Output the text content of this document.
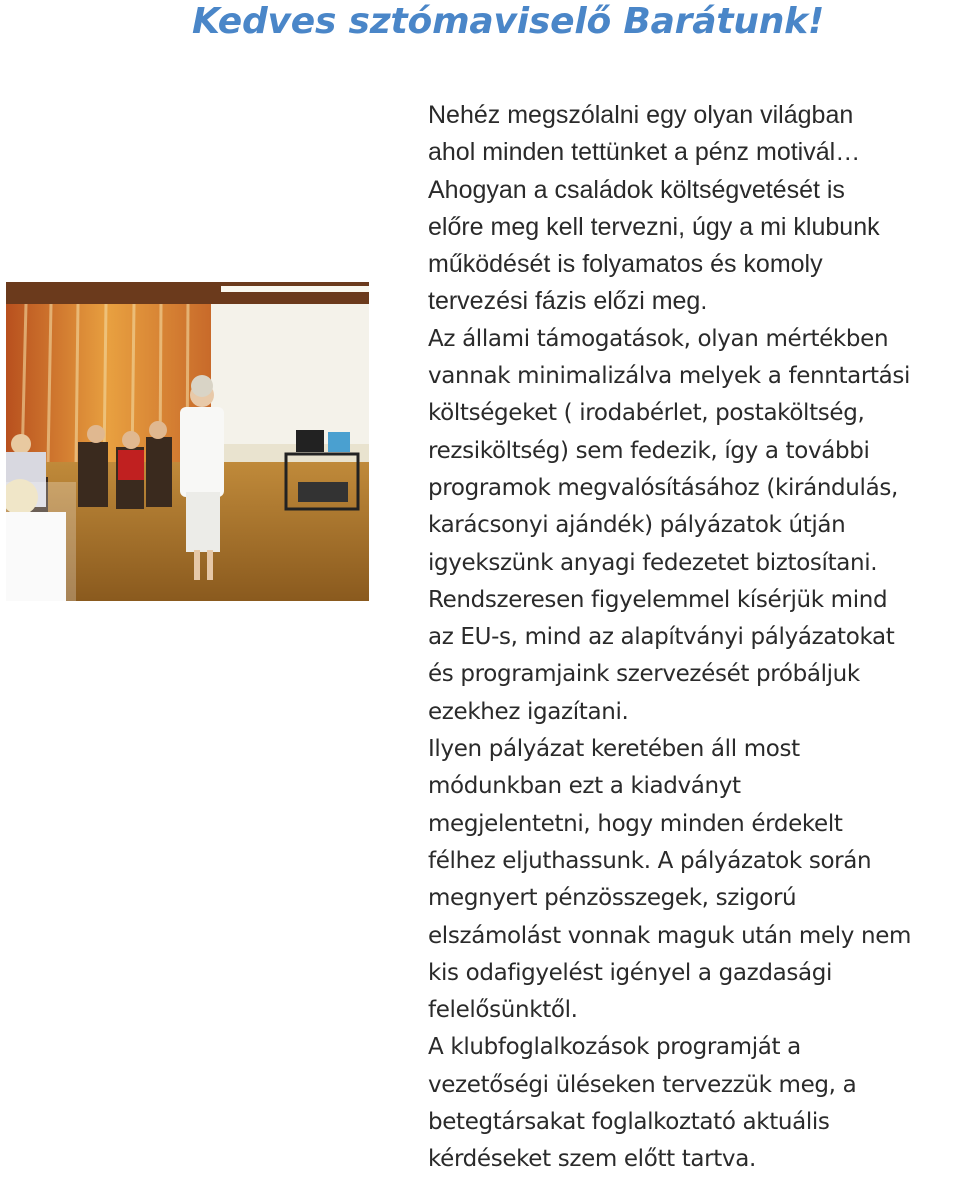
Kedves sztómaviselő Barátunk!

Nehéz megszólalni egy olyan világban
ahol minden tettünket a pénz motivál…
Ahogyan a családok költségvetését is
előre meg kell tervezni, úgy a mi klubunk
működését is folyamatos és komoly
tervezési fázis előzi meg.

Az állami támogatások, olyan mértékben
vannak minimalizálva melyek a fenntartási
költségeket ( irodabérlet, postaköltség,
rezsiköltség) sem fedezik, így a további
programok megvalósításához (kirándulás,
karácsonyi ajándék) pályázatok útján
igyekszünk anyagi fedezetet biztosítani.

Rendszeresen figyelemmel kísérjük mind
az EU-s, mind az alapítványi pályázatokat
és programjaink szervezését próbáljuk
ezekhez igazítani.

Ilyen pályázat keretében áll most
módunkban ezt a kiadványt
megjelentetni, hogy minden érdekelt
félhez eljuthassunk. A pályázatok során
megnyert pénzösszegek, szigorú
elszámolást vonnak maguk után mely nem
kis odafigyelést igényel a gazdasági
felelősünktől.

A klubfoglalkozások programját a
vezetőségi üléseken tervezzük meg, a
betegtársakat foglalkoztató aktuális
kérdéseket szem előtt tartva.
